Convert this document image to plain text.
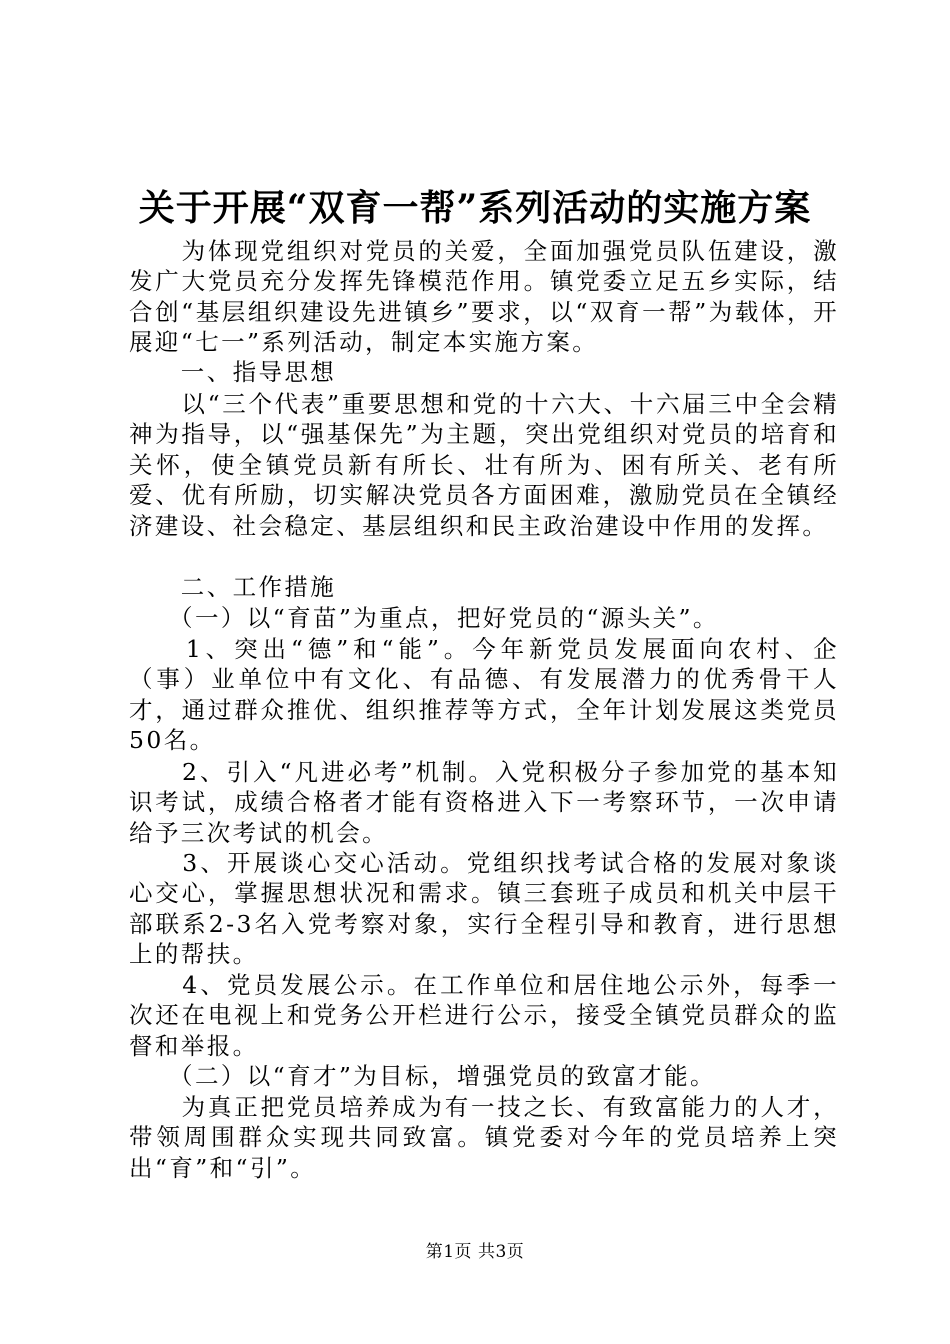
关于开展“双育一帮”系列活动的实施方案

　　为体现党组织对党员的关爱，全面加强党员队伍建设，激发广大党员充分发挥先锋模范作用。镇党委立足五乡实际，结合创“基层组织建设先进镇乡”要求，以“双育一帮”为载体，开展迎“七一”系列活动，制定本实施方案。

　　一、指导思想

　　以“三个代表”重要思想和党的十六大、十六届三中全会精神为指导，以“强基保先”为主题，突出党组织对党员的培育和关怀，使全镇党员新有所长、壮有所为、困有所关、老有所爱、优有所励，切实解决党员各方面困难，激励党员在全镇经济建设、社会稳定、基层组织和民主政治建设中作用的发挥。

　　二、工作措施

　　（一）以“育苗”为重点，把好党员的“源头关”。

　　1、突出“德”和“能”。今年新党员发展面向农村、企（事）业单位中有文化、有品德、有发展潜力的优秀骨干人才，通过群众推优、组织推荐等方式，全年计划发展这类党员50名。

　　2、引入“凡进必考”机制。入党积极分子参加党的基本知识考试，成绩合格者才能有资格进入下一考察环节，一次申请给予三次考试的机会。

　　3、开展谈心交心活动。党组织找考试合格的发展对象谈心交心，掌握思想状况和需求。镇三套班子成员和机关中层干部联系2-3名入党考察对象，实行全程引导和教育，进行思想上的帮扶。

　　4、党员发展公示。在工作单位和居住地公示外，每季一次还在电视上和党务公开栏进行公示，接受全镇党员群众的监督和举报。

　　（二）以“育才”为目标，增强党员的致富才能。

　　为真正把党员培养成为有一技之长、有致富能力的人才，带领周围群众实现共同致富。镇党委对今年的党员培养上突出“育”和“引”。

第1页 共3页
